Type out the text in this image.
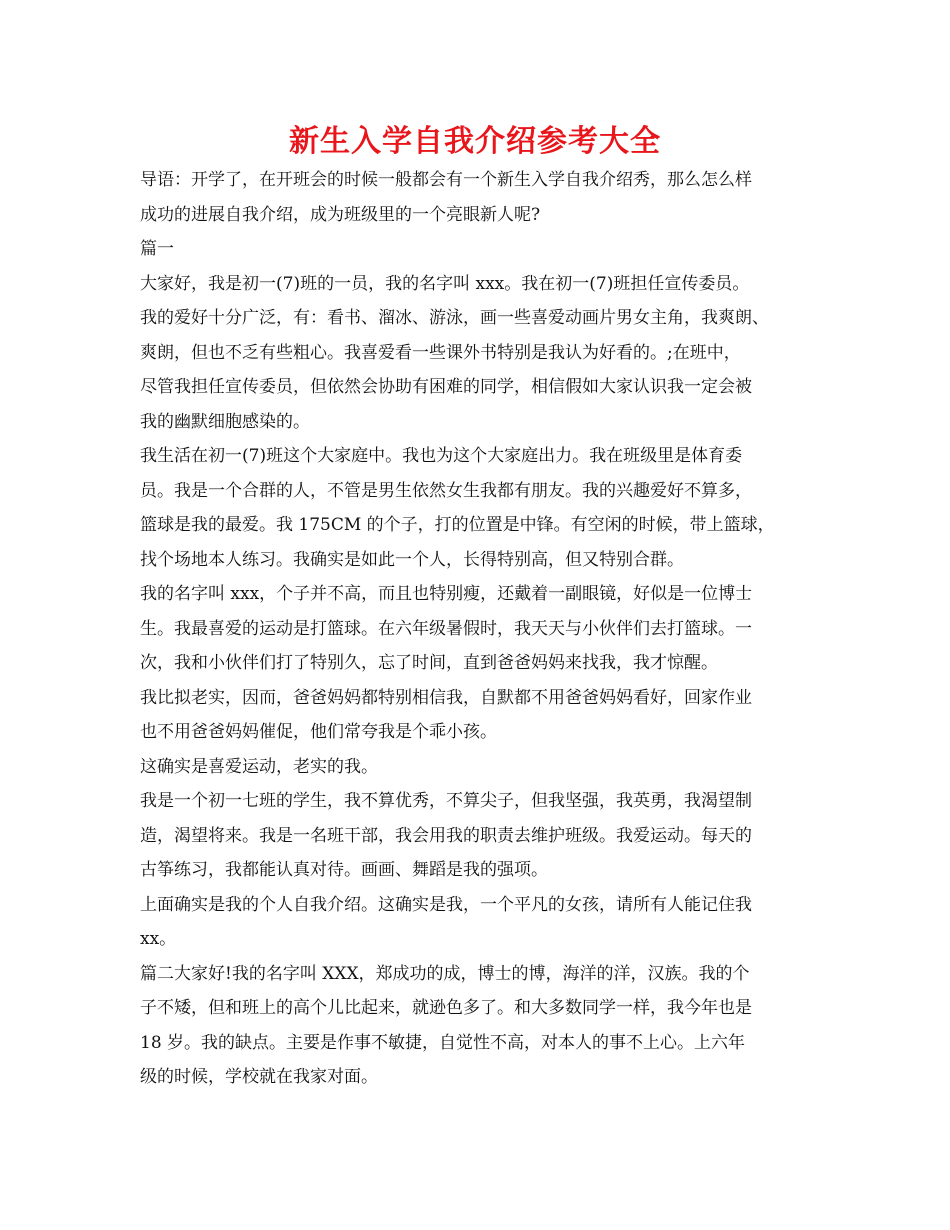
新生入学自我介绍参考大全
导语：开学了，在开班会的时候一般都会有一个新生入学自我介绍秀，那么怎么样
成功的进展自我介绍，成为班级里的一个亮眼新人呢?
篇一
大家好，我是初一(7)班的一员，我的名字叫 xxx。我在初一(7)班担任宣传委员。
我的爱好十分广泛，有：看书、溜冰、游泳，画一些喜爱动画片男女主角，我爽朗、
爽朗，但也不乏有些粗心。我喜爱看一些课外书特别是我认为好看的。;在班中，
尽管我担任宣传委员，但依然会协助有困难的同学，相信假如大家认识我一定会被
我的幽默细胞感染的。
我生活在初一(7)班这个大家庭中。我也为这个大家庭出力。我在班级里是体育委
员。我是一个合群的人，不管是男生依然女生我都有朋友。我的兴趣爱好不算多，
篮球是我的最爱。我 175CM 的个子，打的位置是中锋。有空闲的时候，带上篮球，
找个场地本人练习。我确实是如此一个人，长得特别高，但又特别合群。
我的名字叫 xxx，个子并不高，而且也特别瘦，还戴着一副眼镜，好似是一位博士
生。我最喜爱的运动是打篮球。在六年级暑假时，我天天与小伙伴们去打篮球。一
次，我和小伙伴们打了特别久，忘了时间，直到爸爸妈妈来找我，我才惊醒。
我比拟老实，因而，爸爸妈妈都特别相信我，自默都不用爸爸妈妈看好，回家作业
也不用爸爸妈妈催促，他们常夸我是个乖小孩。
这确实是喜爱运动，老实的我。
我是一个初一七班的学生，我不算优秀，不算尖子，但我坚强，我英勇，我渴望制
造，渴望将来。我是一名班干部，我会用我的职责去维护班级。我爱运动。每天的
古筝练习，我都能认真对待。画画、舞蹈是我的强项。
上面确实是我的个人自我介绍。这确实是我，一个平凡的女孩，请所有人能记住我
xx。
篇二大家好!我的名字叫 XXX，郑成功的成，博士的博，海洋的洋，汉族。我的个
子不矮，但和班上的高个儿比起来，就逊色多了。和大多数同学一样，我今年也是
18 岁。我的缺点。主要是作事不敏捷，自觉性不高，对本人的事不上心。上六年
级的时候，学校就在我家对面。
